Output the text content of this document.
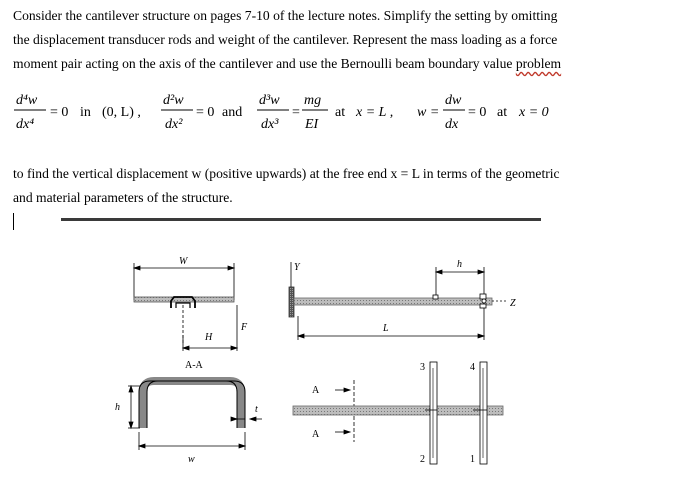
Consider the cantilever structure on pages 7-10 of the lecture notes. Simplify the setting by omitting
the displacement transducer rods and weight of the cantilever. Represent the mass loading as a force
moment pair acting on the axis of the cantilever and use the Bernoulli beam boundary value problem
d⁴w
dx⁴
= 0 in (0, L) ,
d²w
dx²
= 0 and
d³w
dx³
=
mg
EI
at x = L , w =
dw
dx
= 0 at x = 0
to find the vertical displacement w (positive upwards) at the free end x = L in terms of the geometric
and material parameters of the structure.
W
F
H
A-A
h	t
w
Y
L
h
Z
A
A
3	4
2	1
